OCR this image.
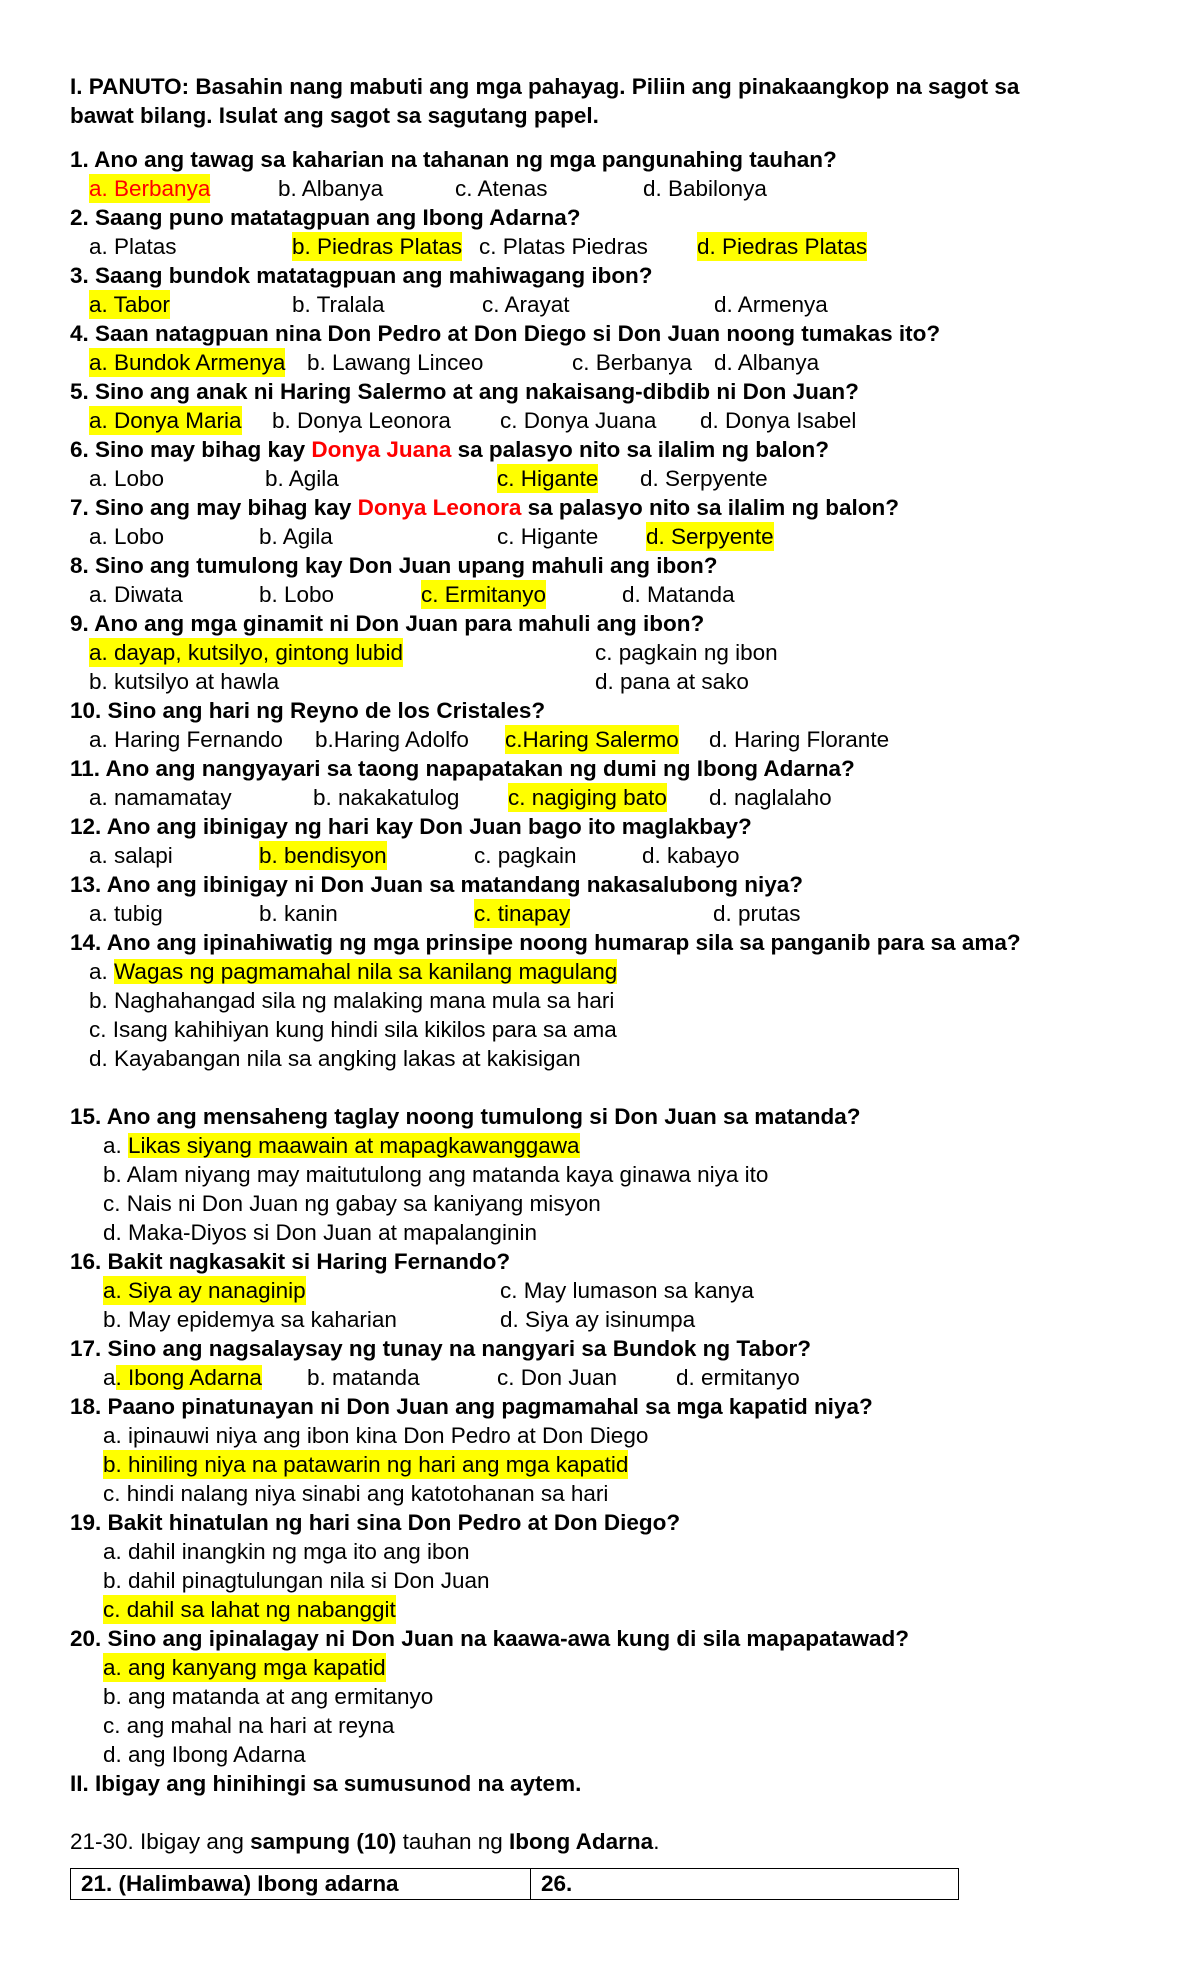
I. PANUTO: Basahin nang mabuti ang mga pahayag. Piliin ang pinakaangkop na sagot sa
bawat bilang. Isulat ang sagot sa sagutang papel.
1. Ano ang tawag sa kaharian na tahanan ng mga pangunahing tauhan?
a. Berbanya	b. Albanya	c. Atenas	d. Babilonya
2. Saang puno matatagpuan ang Ibong Adarna?
a. Platas	b. Piedras Platas c. Platas Piedras d. Piedras Platas
3. Saang bundok matatagpuan ang mahiwagang ibon?
a. Tabor	b. Tralala	c. Arayat	d. Armenya
4. Saan natagpuan nina Don Pedro at Don Diego si Don Juan noong tumakas ito?
a. Bundok Armenya b. Lawang Linceo	c. Berbanya d. Albanya
5. Sino ang anak ni Haring Salermo at ang nakaisang-dibdib ni Don Juan?
a. Donya Maria b. Donya Leonora c. Donya Juana d. Donya Isabel
6. Sino may bihag kay Donya Juana sa palasyo nito sa ilalim ng balon?
a. Lobo	b. Agila	c. Higante d. Serpyente
7. Sino ang may bihag kay Donya Leonora sa palasyo nito sa ilalim ng balon?
a. Lobo	b. Agila	c. Higante d. Serpyente
8. Sino ang tumulong kay Don Juan upang mahuli ang ibon?
a. Diwata	b. Lobo	c. Ermitanyo	d. Matanda
9. Ano ang mga ginamit ni Don Juan para mahuli ang ibon?
a. dayap, kutsilyo, gintong lubid	c. pagkain ng ibon
b. kutsilyo at hawla	d. pana at sako
10. Sino ang hari ng Reyno de los Cristales?
a. Haring Fernando b.Haring Adolfo c.Haring Salermo d. Haring Florante
11. Ano ang nangyayari sa taong napapatakan ng dumi ng Ibong Adarna?
a. namamatay	b. nakakatulog c. nagiging bato d. naglalaho
12. Ano ang ibinigay ng hari kay Don Juan bago ito maglakbay?
a. salapi	b. bendisyon	c. pagkain	d. kabayo
13. Ano ang ibinigay ni Don Juan sa matandang nakasalubong niya?
a. tubig	b. kanin	c. tinapay	d. prutas
14. Ano ang ipinahiwatig ng mga prinsipe noong humarap sila sa panganib para sa ama?
a. Wagas ng pagmamahal nila sa kanilang magulang
b. Naghahangad sila ng malaking mana mula sa hari
c. Isang kahihiyan kung hindi sila kikilos para sa ama
d. Kayabangan nila sa angking lakas at kakisigan
15. Ano ang mensaheng taglay noong tumulong si Don Juan sa matanda?
a. Likas siyang maawain at mapagkawanggawa
b. Alam niyang may maitutulong ang matanda kaya ginawa niya ito
c. Nais ni Don Juan ng gabay sa kaniyang misyon
d. Maka-Diyos si Don Juan at mapalanginin
16. Bakit nagkasakit si Haring Fernando?
a. Siya ay nanaginip	c. May lumason sa kanya
b. May epidemya sa kaharian	d. Siya ay isinumpa
17. Sino ang nagsalaysay ng tunay na nangyari sa Bundok ng Tabor?
a. Ibong Adarna b. matanda	c. Don Juan	d. ermitanyo
18. Paano pinatunayan ni Don Juan ang pagmamahal sa mga kapatid niya?
a. ipinauwi niya ang ibon kina Don Pedro at Don Diego
b. hiniling niya na patawarin ng hari ang mga kapatid
c. hindi nalang niya sinabi ang katotohanan sa hari
19. Bakit hinatulan ng hari sina Don Pedro at Don Diego?
a. dahil inangkin ng mga ito ang ibon
b. dahil pinagtulungan nila si Don Juan
c. dahil sa lahat ng nabanggit
20. Sino ang ipinalagay ni Don Juan na kaawa-awa kung di sila mapapatawad?
a. ang kanyang mga kapatid
b. ang matanda at ang ermitanyo
c. ang mahal na hari at reyna
d. ang Ibong Adarna
II. Ibigay ang hinihingi sa sumusunod na aytem.
21-30. Ibigay ang sampung (10) tauhan ng Ibong Adarna.
21. (Halimbawa) Ibong adarna	26.
